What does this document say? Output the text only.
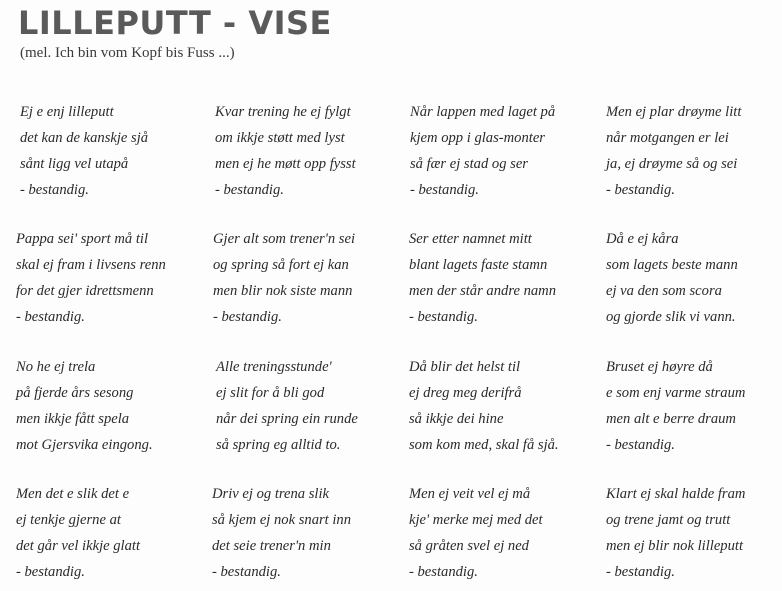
LILLEPUTT - VISE

(mel. Ich bin vom Kopf bis Fuss ...)

Ej e enj lilleputt
det kan de kanskje sjå
sånt ligg vel utapå
- bestandig.
Kvar trening he ej fylgt
om ikkje støtt med lyst
men ej he møtt opp fysst
- bestandig.
Når lappen med laget på
kjem opp i glas-monter
så fær ej stad og ser
- bestandig.
Men ej plar drøyme litt
når motgangen er lei
ja, ej drøyme så og sei
- bestandig.
Pappa sei' sport må til
skal ej fram i livsens renn
for det gjer idrettsmenn
- bestandig.
Gjer alt som trener'n sei
og spring så fort ej kan
men blir nok siste mann
- bestandig.
Ser etter namnet mitt
blant lagets faste stamn
men der står andre namn
- bestandig.
Då e ej kåra
som lagets beste mann
ej va den som scora
og gjorde slik vi vann.
No he ej trela
på fjerde års sesong
men ikkje fått spela
mot Gjersvika eingong.
Alle treningsstunde'
ej slit for å bli god
når dei spring ein runde
så spring eg alltid to.
Då blir det helst til
ej dreg meg derifrå
så ikkje dei hine
som kom med, skal få sjå.
Bruset ej høyre då
e som enj varme straum
men alt e berre draum
- bestandig.
Men det e slik det e
ej tenkje gjerne at
det går vel ikkje glatt
- bestandig.
Driv ej og trena slik
så kjem ej nok snart inn
det seie trener'n min
- bestandig.
Men ej veit vel ej må
kje' merke mej med det
så gråten svel ej ned
- bestandig.
Klart ej skal halde fram
og trene jamt og trutt
men ej blir nok lilleputt
- bestandig.
